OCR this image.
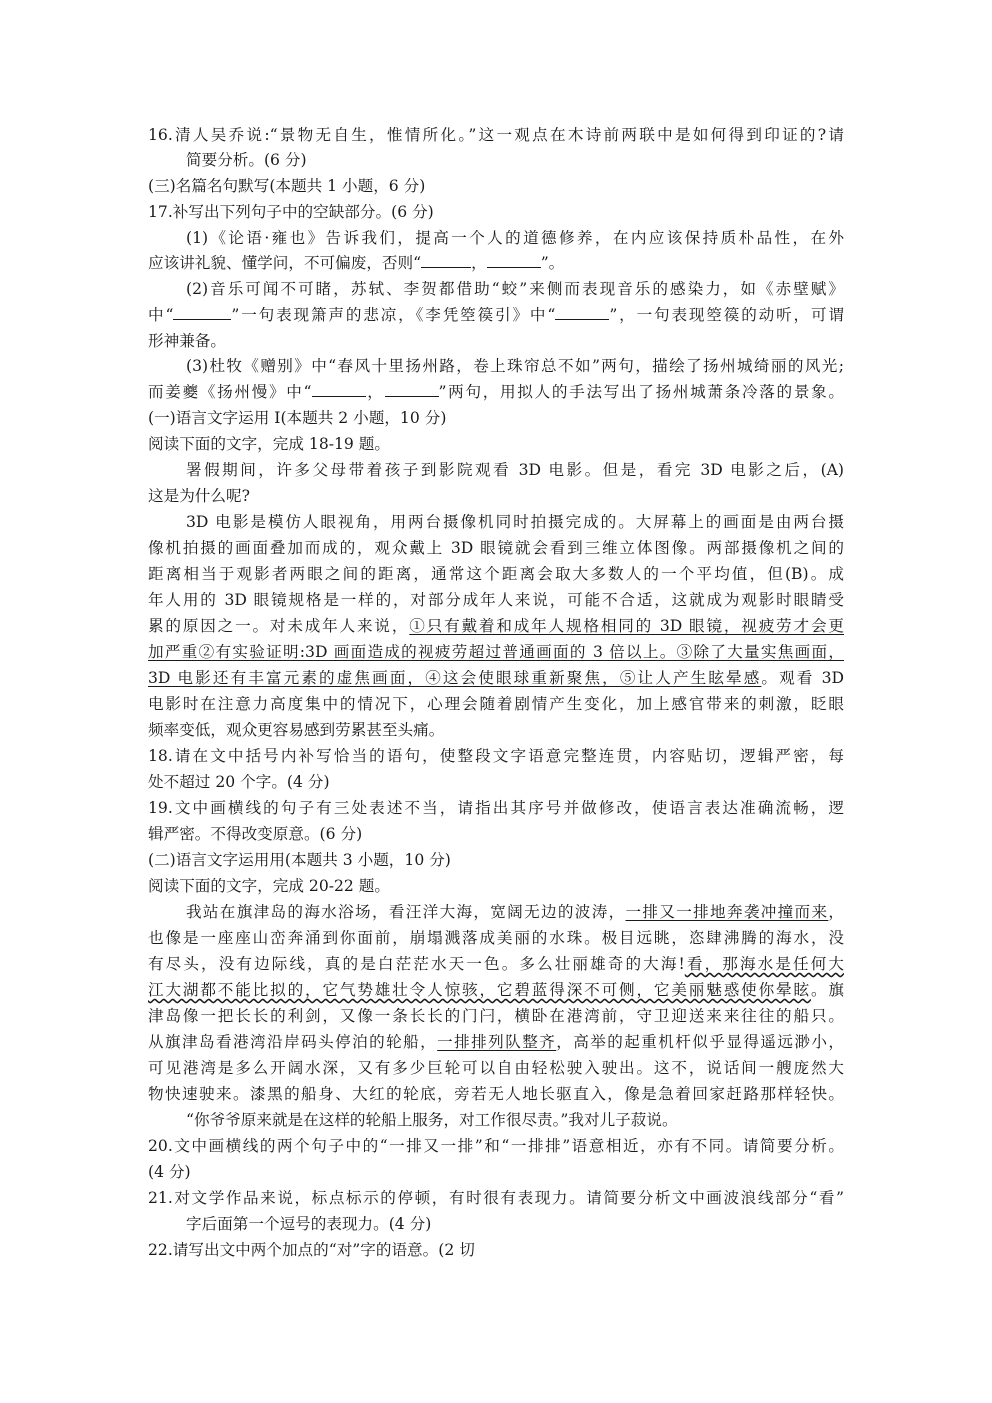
16.清人吴乔说:“景物无自生，惟情所化。”这一观点在木诗前两联中是如何得到印证的?请
简要分析。(6 分)
(三)名篇名句默写(本题共 1 小题，6 分)
17.补写出下列句子中的空缺部分。(6 分)
(1)《论语·雍也》告诉我们，提高一个人的道德修养，在内应该保持质朴品性，在外
应该讲礼貌、懂学问，不可偏废，否则“	，	”。
(2)音乐可闻不可睹，苏轼、李贺都借助“蛟”来侧而表现音乐的感染力，如《赤壁赋》
中“	”一句表现箫声的悲凉，《李凭箜篌引》中“	”，一句表现箜篌的动听，可谓
形神兼备。
(3)杜牧《赠别》中“春风十里扬州路，卷上珠帘总不如”两句，描绘了扬州城绮丽的风光;
而姜夔《扬州慢》中“	，	”两句，用拟人的手法写出了扬州城萧条冷落的景象。
(一)语言文字运用 I(本题共 2 小题，10 分)
阅读下面的文字，完成 18-19 题。
署假期间，许多父母带着孩子到影院观看 3D 电影。但是，看完 3D 电影之后，(A)
这是为什么呢?
3D 电影是模仿人眼视角，用两台摄像机同时拍摄完成的。大屏幕上的画面是由两台摄
像机拍摄的画面叠加而成的，观众戴上 3D 眼镜就会看到三维立体图像。两部摄像机之间的
距离相当于观影者两眼之间的距离，通常这个距离会取大多数人的一个平均值，但(B)。成
年人用的 3D 眼镜规格是一样的，对部分成年人来说，可能不合适，这就成为观影时眼睛受
累的原因之一。对未成年人来说，①只有戴着和成年人规格相同的 3D 眼镜，视疲劳才会更
加严重②有实验证明:3D 画面造成的视疲劳超过普通画面的 3 倍以上。③除了大量实焦画面，
3D 电影还有丰富元素的虚焦画面，④这会使眼球重新聚焦，⑤让人产生眩晕感。观看 3D
电影时在注意力高度集中的情况下，心理会随着剧情产生变化，加上感官带来的刺激，眨眼
频率变低，观众更容易感到劳累甚至头痛。
18.请在文中括号内补写恰当的语句，使整段文字语意完整连贯，内容贴切，逻辑严密，每
处不超过 20 个字。(4 分)
19.文中画横线的句子有三处表述不当，请指出其序号并做修改，使语言表达准确流畅，逻
辑严密。不得改变原意。(6 分)
(二)语言文字运用用(本题共 3 小题，10 分)
阅读下面的文字，完成 20-22 题。
我站在旗津岛的海水浴场，看汪洋大海，宽阔无边的波涛，一排又一排地奔袭冲撞而来，
也像是一座座山峦奔涌到你面前，崩塌溅落成美丽的水珠。极目远眺，恣肆沸腾的海水，没
有尽头，没有边际线，真的是白茫茫水天一色。多么壮丽雄奇的大海!看，那海水是任何大
江大湖都不能比拟的，它气势雄壮令人惊骇，它碧蓝得深不可侧，它美丽魅惑使你晕眩。旗
津岛像一把长长的利剑，又像一条长长的门闩，横卧在港湾前，守卫迎送来来往往的船只。
从旗津岛看港湾沿岸码头停泊的轮船，一排排列队整齐，高举的起重机杆似乎显得遥远渺小，
可见港湾是多么开阔水深，又有多少巨轮可以自由轻松驶入驶出。这不，说话间一艘庞然大
物快速驶来。漆黑的船身、大红的轮底，旁若无人地长驱直入，像是急着回家赶路那样轻快。
“你爷爷原来就是在这样的轮船上服务，对工作很尽责。”我对儿子菽说。
20.文中画横线的两个句子中的“一排又一排”和“一排排”语意相近，亦有不同。请简要分析。
(4 分)
21.对文学作品来说，标点标示的停顿，有时很有表现力。请简要分析文中画波浪线部分“看”
字后面第一个逗号的表现力。(4 分)
22.请写出文中两个加点的“对”字的语意。(2 切
